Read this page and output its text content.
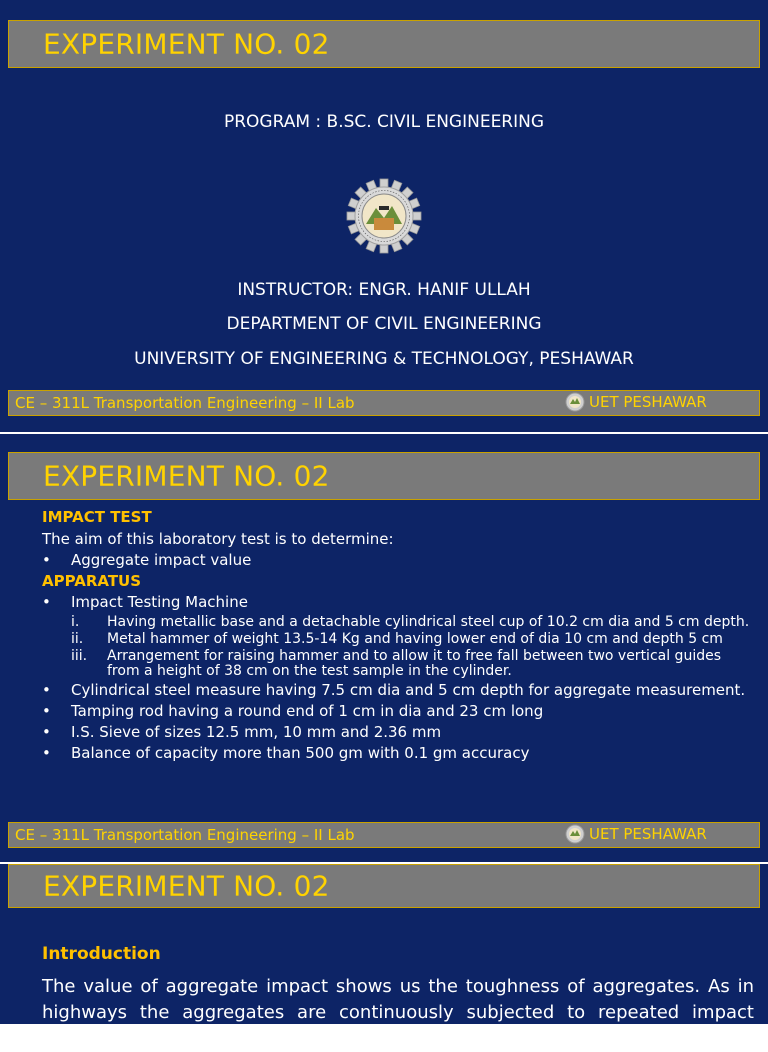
EXPERIMENT NO. 02
PROGRAM : B.SC. CIVIL ENGINEERING
INSTRUCTOR: ENGR. HANIF ULLAH
DEPARTMENT OF CIVIL ENGINEERING
UNIVERSITY OF ENGINEERING & TECHNOLOGY, PESHAWAR
CE – 311L Transportation Engineering – II Lab	UET PESHAWAR
EXPERIMENT NO. 02
IMPACT TEST
The aim of this laboratory test is to determine:
•	Aggregate impact value
APPARATUS
•	Impact Testing Machine
i.	Having metallic base and a detachable cylindrical steel cup of 10.2 cm dia and 5 cm depth.
ii.	Metal hammer of weight 13.5-14 Kg and having lower end of dia 10 cm and depth 5 cm
iii.	Arrangement for raising hammer and to allow it to free fall between two vertical guides from a height of 38 cm on the test sample in the cylinder.
•	Cylindrical steel measure having 7.5 cm dia and 5 cm depth for aggregate measurement.
•	Tamping rod having a round end of 1 cm in dia and 23 cm long
•	I.S. Sieve of sizes 12.5 mm, 10 mm and 2.36 mm
•	Balance of capacity more than 500 gm with 0.1 gm accuracy
CE – 311L Transportation Engineering – II Lab	UET PESHAWAR
EXPERIMENT NO. 02
Introduction
The value of aggregate impact shows us the toughness of aggregates. As in highways the aggregates are continuously subjected to repeated impact loads,
